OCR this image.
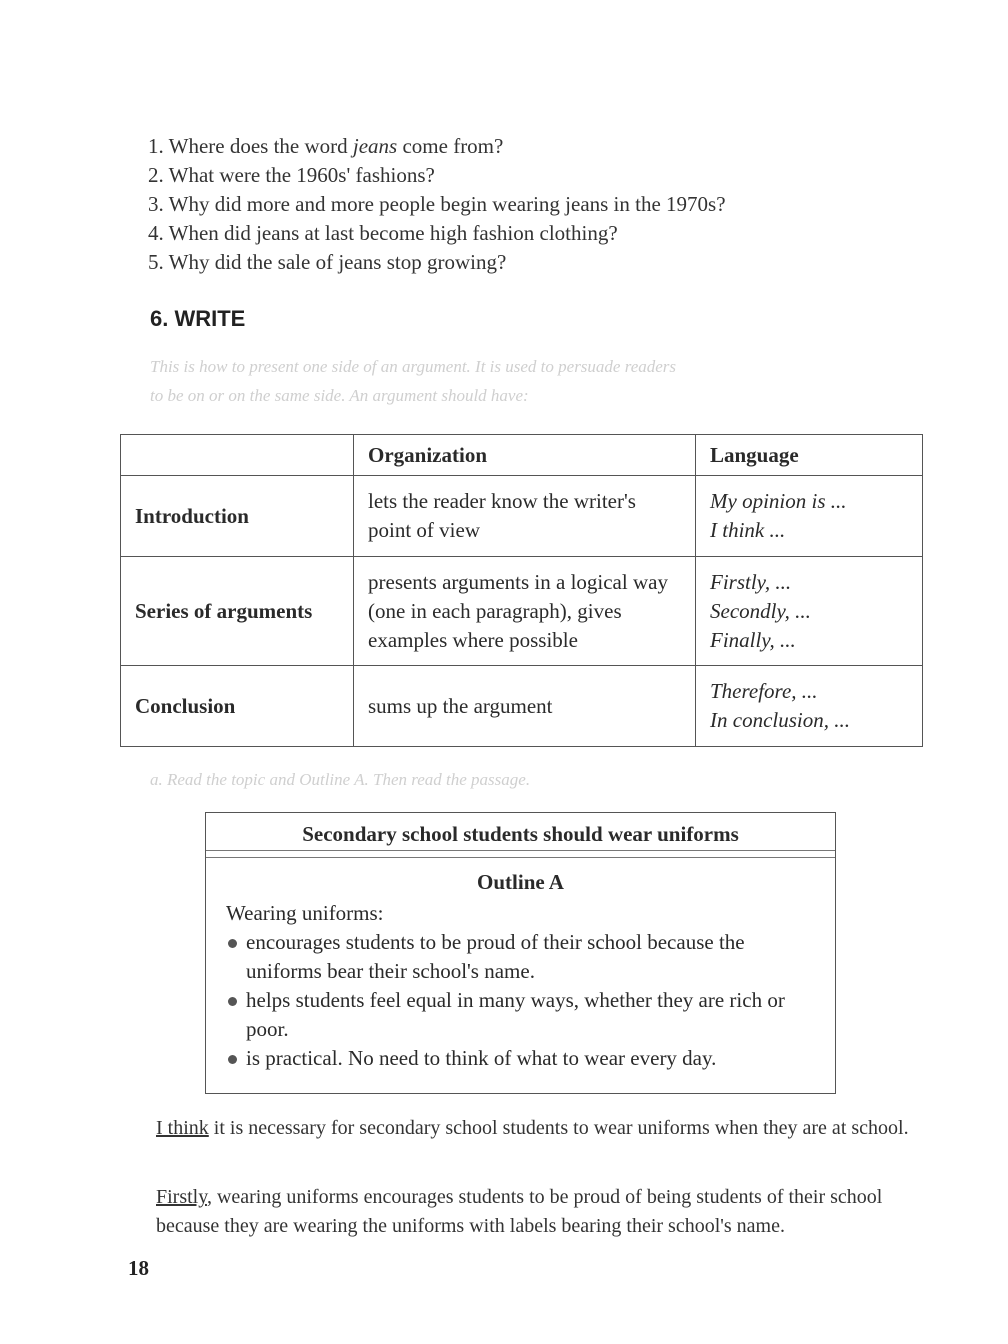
1. Where does the word jeans come from?
2. What were the 1960s' fashions?
3. Why did more and more people begin wearing jeans in the 1970s?
4. When did jeans at last become high fashion clothing?
5. Why did the sale of jeans stop growing?
6. WRITE
This is how to present one side of an argument. It is used to persuade readers
to be on or on the same side. An argument should have:
	Organization	Language
Introduction	lets the reader know the writer's point of view	My opinion is ...
I think ...

Series of arguments	presents arguments in a logical way (one in each paragraph), gives examples where possible	Firstly, ...
Secondly, ...
Finally, ...

Conclusion	sums up the argument	Therefore, ...
In conclusion, ...
a. Read the topic and Outline A. Then read the passage.
Secondary school students should wear uniforms
Outline A
Wearing uniforms:
encourages students to be proud of their school because the uniforms bear their school's name.
helps students feel equal in many ways, whether they are rich or poor.
is practical. No need to think of what to wear every day.
I think it is necessary for secondary school students to wear uniforms when they are at school.
Firstly, wearing uniforms encourages students to be proud of being students of their school because they are wearing the uniforms with labels bearing their school's name.
18
